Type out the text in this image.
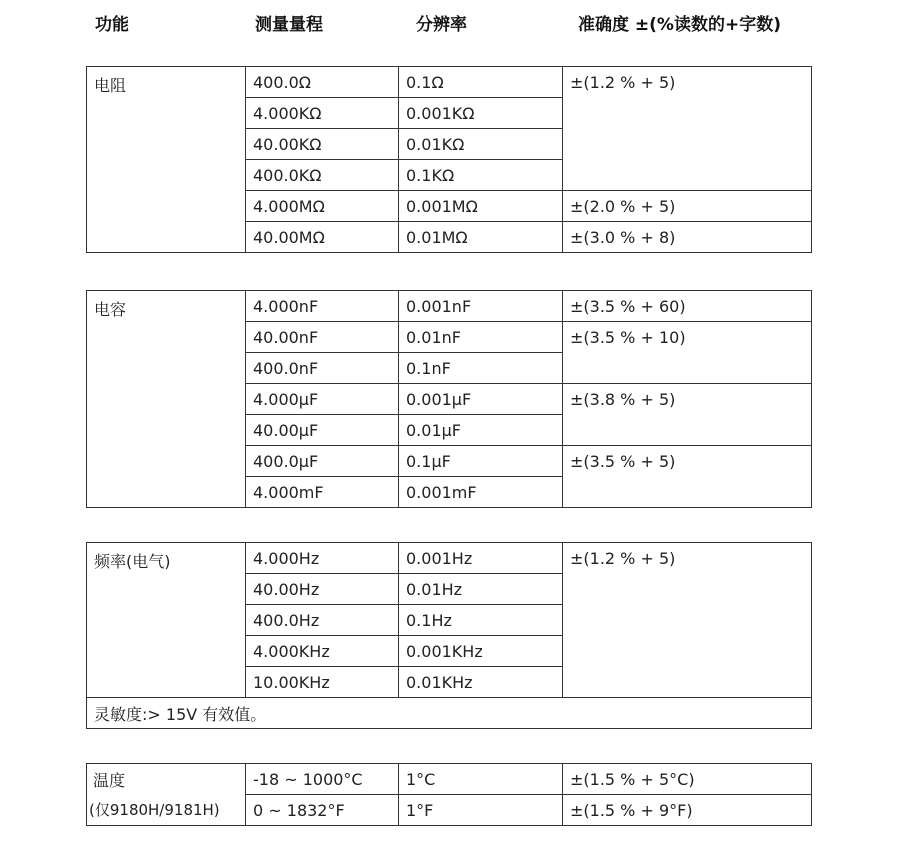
功能	测量量程	分辨率	准确度 ±(%读数的+字数)
电阻	400.0Ω	0.1Ω	±(1.2 % + 5)
	4.000KΩ	0.001KΩ	
	40.00KΩ	0.01KΩ	
	400.0KΩ	0.1KΩ	
	4.000MΩ	0.001MΩ	±(2.0 % + 5)
	40.00MΩ	0.01MΩ	±(3.0 % + 8)
电容	4.000nF	0.001nF	±(3.5 % + 60)
	40.00nF	0.01nF	±(3.5 % + 10)
	400.0nF	0.1nF	
	4.000μF	0.001μF	±(3.8 % + 5)
	40.00μF	0.01μF	
	400.0μF	0.1μF	±(3.5 % + 5)
	4.000mF	0.001mF	
频率(电气)	4.000Hz	0.001Hz	±(1.2 % + 5)
	40.00Hz	0.01Hz	
	400.0Hz	0.1Hz	
	4.000KHz	0.001KHz	
	10.00KHz	0.01KHz	
灵敏度:> 15V 有效值。			
温度	-18 ~ 1000°C	1°C	±(1.5 % + 5°C)
(仅9180H/9181H)	0 ~ 1832°F	1°F	±(1.5 % + 9°F)
